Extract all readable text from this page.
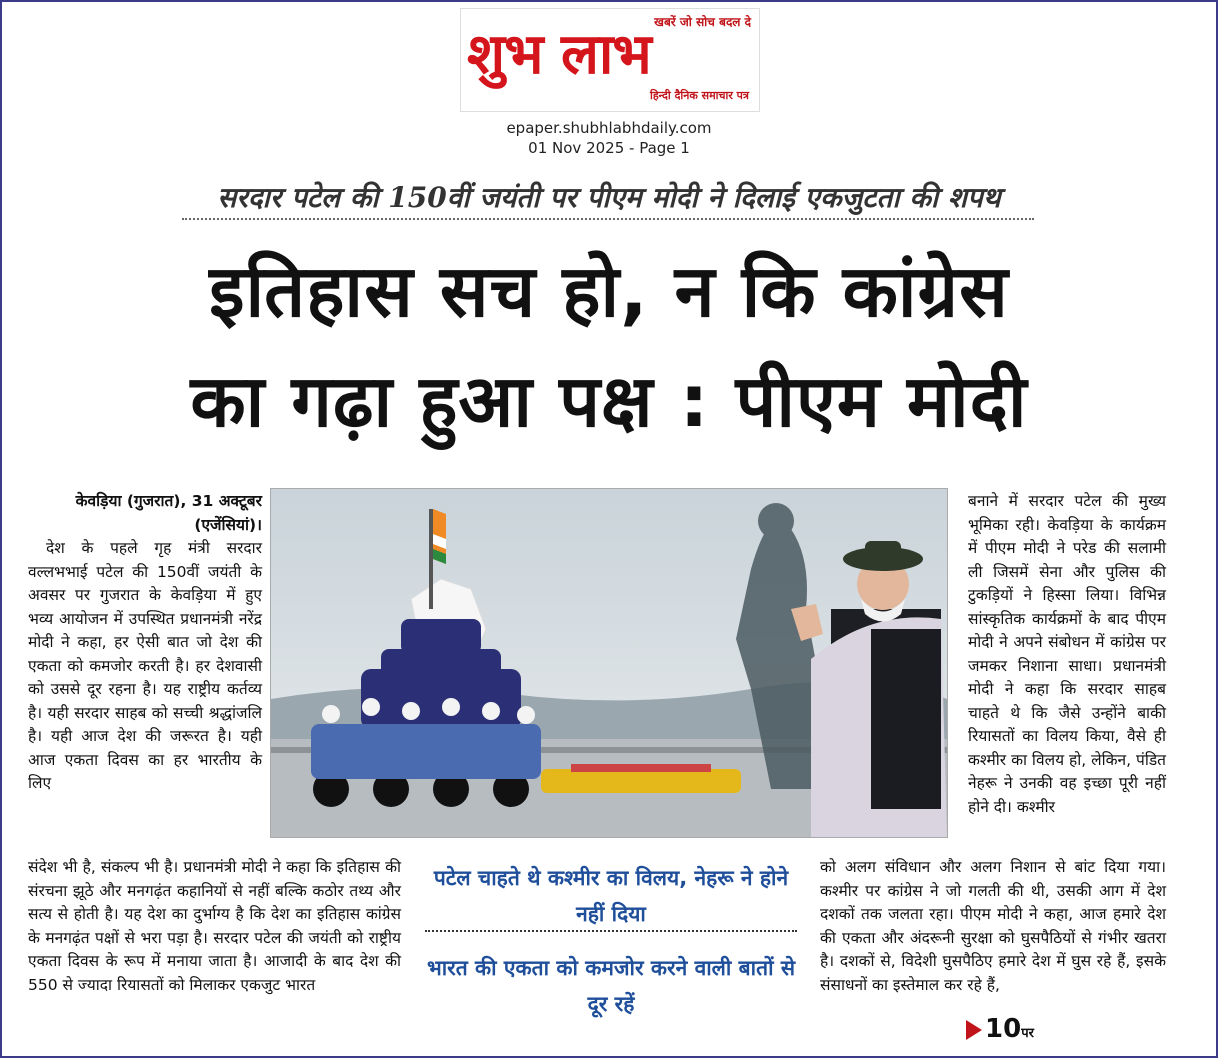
खबरें जो सोच बदल दे
शुभ लाभ
हिन्दी दैनिक समाचार पत्र
epaper.shubhlabhdaily.com
01 Nov 2025 - Page 1
सरदार पटेल की 150वीं जयंती पर पीएम मोदी ने दिलाई एकजुटता की शपथ
इतिहास सच हो, न कि कांग्रेस
का गढ़ा हुआ पक्ष : पीएम मोदी
केवड़िया (गुजरात), 31 अक्टूबर (एजेंसियां)।
देश के पहले गृह मंत्री सरदार वल्लभभाई पटेल की 150वीं जयंती के अवसर पर गुजरात के केवड़िया में हुए भव्य आयोजन में उपस्थित प्रधानमंत्री नरेंद्र मोदी ने कहा, हर ऐसी बात जो देश की एकता को कमजोर करती है। हर देशवासी को उससे दूर रहना है। यह राष्ट्रीय कर्तव्य है। यही सरदार साहब को सच्ची श्रद्धांजलि है। यही आज देश की जरूरत है। यही आज एकता दिवस का हर भारतीय के लिए
बनाने में सरदार पटेल की मुख्य भूमिका रही। केवड़िया के कार्यक्रम में पीएम मोदी ने परेड की सलामी ली जिसमें सेना और पुलिस की टुकड़ियों ने हिस्सा लिया। विभिन्न सांस्कृतिक कार्यक्रमों के बाद पीएम मोदी ने अपने संबोधन में कांग्रेस पर जमकर निशाना साधा। प्रधानमंत्री मोदी ने कहा कि सरदार साहब चाहते थे कि जैसे उन्होंने बाकी रियासतों का विलय किया, वैसे ही कश्मीर का विलय हो, लेकिन, पंडित नेहरू ने उनकी वह इच्छा पूरी नहीं होने दी। कश्मीर
संदेश भी है, संकल्प भी है। प्रधानमंत्री मोदी ने कहा कि इतिहास की संरचना झूठे और मनगढ़ंत कहानियों से नहीं बल्कि कठोर तथ्य और सत्य से होती है। यह देश का दुर्भाग्य है कि देश का इतिहास कांग्रेस के मनगढ़ंत पक्षों से भरा पड़ा है। सरदार पटेल की जयंती को राष्ट्रीय एकता दिवस के रूप में मनाया जाता है। आजादी के बाद देश की 550 से ज्यादा रियासतों को मिलाकर एकजुट भारत
को अलग संविधान और अलग निशान से बांट दिया गया। कश्मीर पर कांग्रेस ने जो गलती की थी, उसकी आग में देश दशकों तक जलता रहा। पीएम मोदी ने कहा, आज हमारे देश की एकता और अंदरूनी सुरक्षा को घुसपैठियों से गंभीर खतरा है। दशकों से, विदेशी घुसपैठिए हमारे देश में घुस रहे हैं, इसके संसाधनों का इस्तेमाल कर रहे हैं,
पटेल चाहते थे कश्मीर का विलय, नेहरू ने होने नहीं दिया
भारत की एकता को कमजोर करने वाली बातों से दूर रहें
10पर
